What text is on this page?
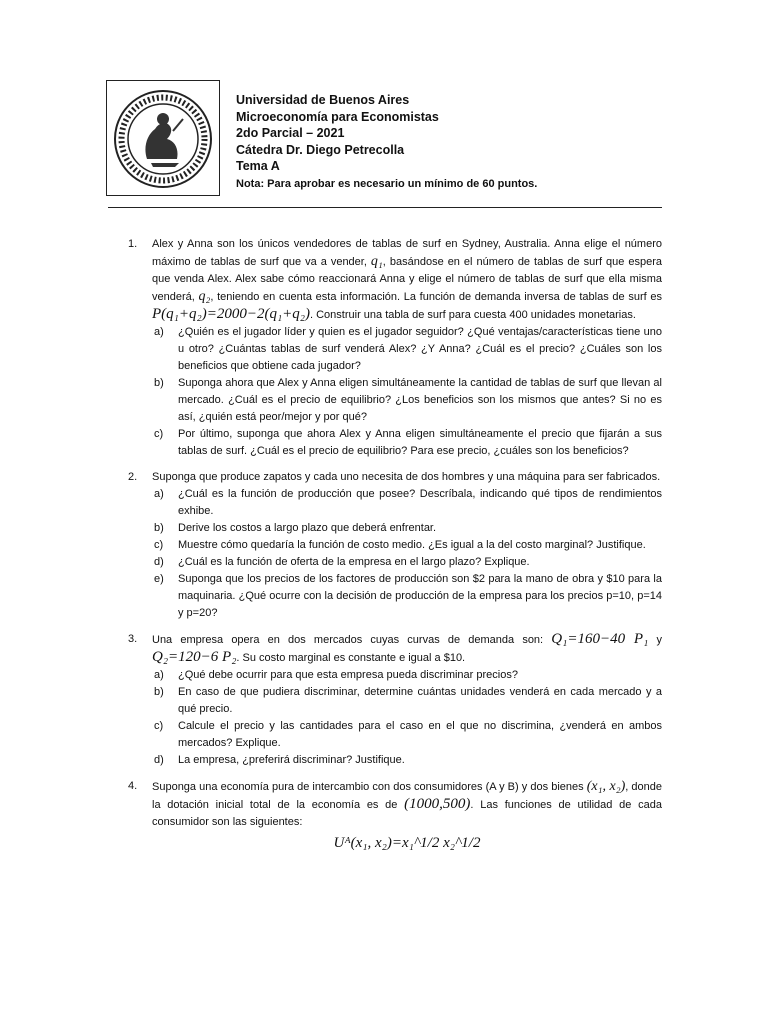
Universidad de Buenos Aires
Microeconomía para Economistas
2do Parcial – 2021
Cátedra Dr. Diego Petrecolla
Tema A
Nota: Para aprobar es necesario un mínimo de 60 puntos.
1. Alex y Anna son los únicos vendedores de tablas de surf en Sydney, Australia. Anna elige el número máximo de tablas de surf que va a vender, q₁, basándose en el número de tablas de surf que espera que venda Alex. Alex sabe cómo reaccionará Anna y elige el número de tablas de surf que ella misma venderá, q₂, teniendo en cuenta esta información. La función de demanda inversa de tablas de surf es P(q₁+q₂)=2000−2(q₁+q₂). Construir una tabla de surf para cuesta 400 unidades monetarias.

a) ¿Quién es el jugador líder y quien es el jugador seguidor? ¿Qué ventajas/características tiene uno u otro? ¿Cuántas tablas de surf venderá Alex? ¿Y Anna? ¿Cuál es el precio? ¿Cuáles son los beneficios que obtiene cada jugador?

b) Suponga ahora que Alex y Anna eligen simultáneamente la cantidad de tablas de surf que llevan al mercado. ¿Cuál es el precio de equilibrio? ¿Los beneficios son los mismos que antes? Si no es así, ¿quién está peor/mejor y por qué?

c) Por último, suponga que ahora Alex y Anna eligen simultáneamente el precio que fijarán a sus tablas de surf. ¿Cuál es el precio de equilibrio? Para ese precio, ¿cuáles son los beneficios?

2. Suponga que produce zapatos y cada uno necesita de dos hombres y una máquina para ser fabricados.

a) ¿Cuál es la función de producción que posee? Descríbala, indicando qué tipos de rendimientos exhibe.

b) Derive los costos a largo plazo que deberá enfrentar.

c) Muestre cómo quedaría la función de costo medio. ¿Es igual a la del costo marginal? Justifique.

d) ¿Cuál es la función de oferta de la empresa en el largo plazo? Explique.

e) Suponga que los precios de los factores de producción son $2 para la mano de obra y $10 para la maquinaria. ¿Qué ocurre con la decisión de producción de la empresa para los precios p=10, p=14 y p=20?

3. Una empresa opera en dos mercados cuyas curvas de demanda son: Q₁=160−40 P₁ y Q₂=120−6 P₂. Su costo marginal es constante e igual a $10.

a) ¿Qué debe ocurrir para que esta empresa pueda discriminar precios?

b) En caso de que pudiera discriminar, determine cuántas unidades venderá en cada mercado y a qué precio.

c) Calcule el precio y las cantidades para el caso en el que no discrimina, ¿venderá en ambos mercados? Explique.

d) La empresa, ¿preferirá discriminar? Justifique.

4. Suponga una economía pura de intercambio con dos consumidores (A y B) y dos bienes (x₁, x₂), donde la dotación inicial total de la economía es de (1000,500). Las funciones de utilidad de cada consumidor son las siguientes:

Uᴬ(x₁, x₂)=x₁^1/2 x₂^1/2
